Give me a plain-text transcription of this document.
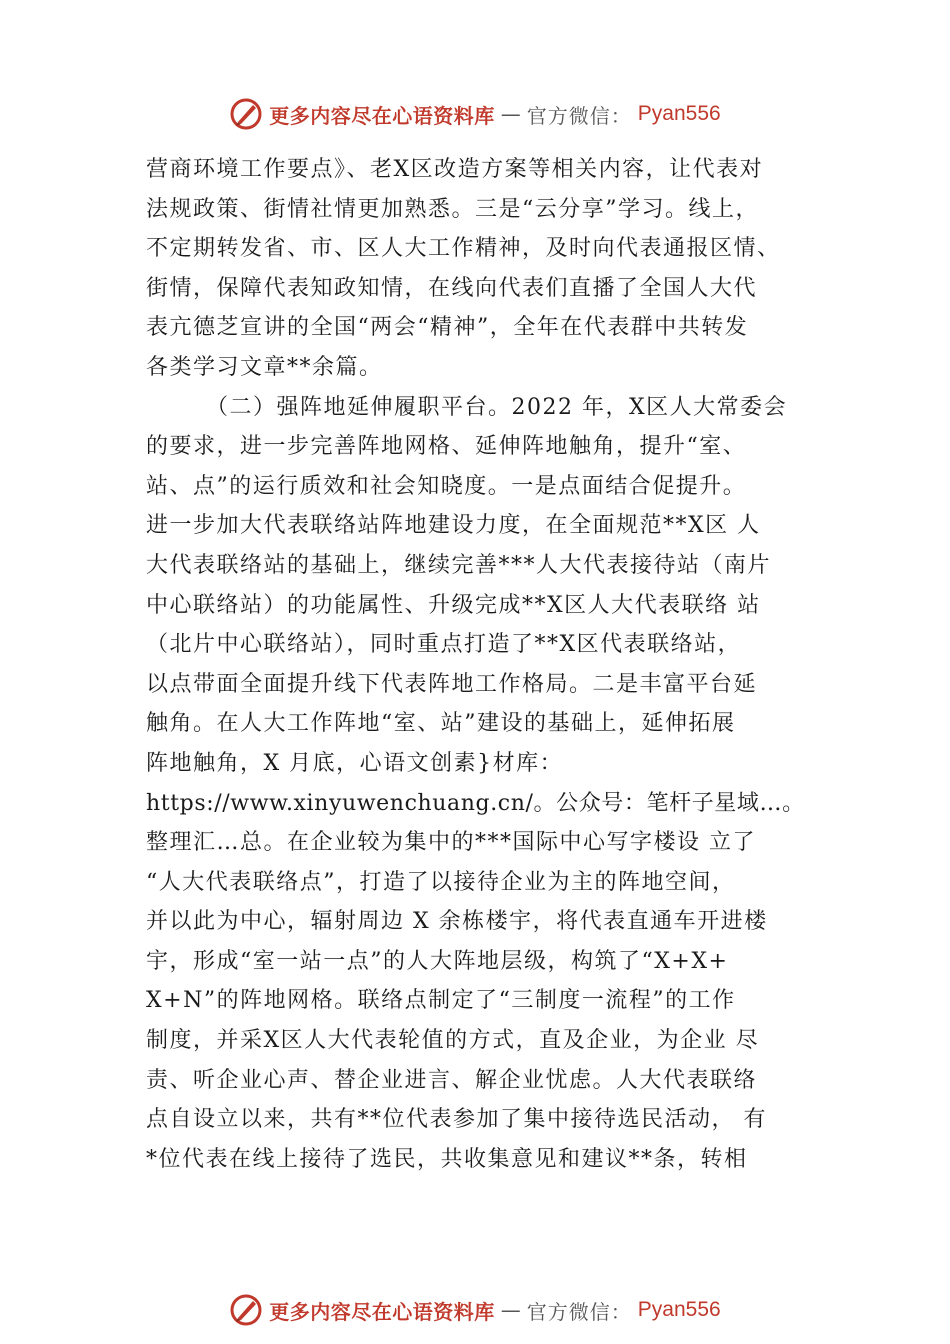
更多内容尽在心语资料库 — 官方微信： Pyan556
营商环境工作要点》、老X区改造方案等相关内容，让代表对
法规政策、街情社情更加熟悉。三是“云分享”学习。线上，
不定期转发省、市、区人大工作精神，及时向代表通报区情、
街情，保障代表知政知情，在线向代表们直播了全国人大代
表亢德芝宣讲的全国“两会“精神”，全年在代表群中共转发
各类学习文章**余篇。
（二）强阵地延伸履职平台。2022 年，X区人大常委会
的要求，进一步完善阵地网格、延伸阵地触角，提升“室、
站、点”的运行质效和社会知晓度。一是点面结合促提升。
进一步加大代表联络站阵地建设力度，在全面规范**X区 人
大代表联络站的基础上，继续完善***人大代表接待站（南片
中心联络站）的功能属性、升级完成**X区人大代表联络 站
（北片中心联络站），同时重点打造了**X区代表联络站，
以点带面全面提升线下代表阵地工作格局。二是丰富平台延
触角。在人大工作阵地“室、站”建设的基础上，延伸拓展
阵地触角，X 月底，心语文创素}材库：
https://www.xinyuwenchuang.cn/。公众号：笔杆子星域…。
整理汇…总。在企业较为集中的***国际中心写字楼设 立了
“人大代表联络点”，打造了以接待企业为主的阵地空间，
并以此为中心，辐射周边 X 余栋楼宇，将代表直通车开进楼
宇，形成“室一站一点”的人大阵地层级，构筑了“X+X+
X+N”的阵地网格。联络点制定了“三制度一流程”的工作
制度，并采X区人大代表轮值的方式，直及企业，为企业 尽
责、听企业心声、替企业进言、解企业忧虑。人大代表联络
点自设立以来，共有**位代表参加了集中接待选民活动， 有
*位代表在线上接待了选民，共收集意见和建议**条，转相
更多内容尽在心语资料库 — 官方微信： Pyan556
